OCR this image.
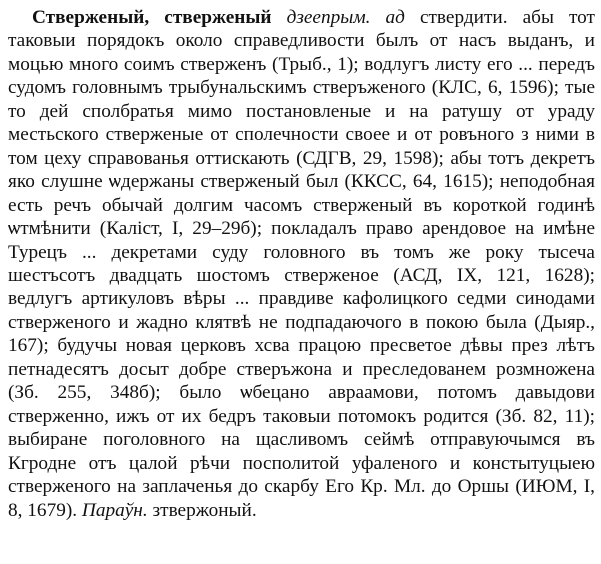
Стверженый, стверженый дзеепрым. ад ствердити. абы тот таковыи порядокъ около справедливости былъ от насъ выданъ, и моцью много соимъ стверженъ (Трыб., 1); водлугъ листу его ... передъ судомъ головнымъ трыбунальскимъ стверъженого (КЛС, 6, 1596); тые то дей сполбратья мимо постановленые и на ратушу от ураду местьского стверженые от сполечности своее и от ровъного з ними в том цеху справованья оттискають (СДГВ, 29, 1598); абы тотъ декретъ яко слушне ѡдержаны стверженый был (ККСС, 64, 1615); неподобная есть речъ обычай долгим часомъ стверженый въ короткой годинѣ ѡтмѣнити (Каліст, I, 29–29б); покладалъ право арендовое на имѣне Турецъ ... декретами суду головного въ томъ же року тысеча шестъсотъ двадцать шостомъ стверженое (АСД, IX, 121, 1628); ведлугъ артикуловъ вѣры ... правдиве кафолицкого седми синодами стверженого и жадно клятвѣ не подпадаючого в покою была (Дыяр., 167); будучы новая церковъ хсва працою пресветое дѣвы през лѣтъ петнадесятъ досыт добре стверъжона и преследованем розмножена (Зб. 255, 348б); было ѡбецано авраамови, потомъ давыдови стверженно, ижъ от их бедръ таковыи потомокъ родится (Зб. 82, 11); выбиране поголовного на щасливомъ сеймѣ отправуючымся въ Кгродне отъ цалой рѣчи посполитой уфаленого и констытуцыею стверженого на заплаченья до скарбу Его Кр. Мл. до Оршы (ИЮМ, I, 8, 1679). Параўн. зтвержоный.
